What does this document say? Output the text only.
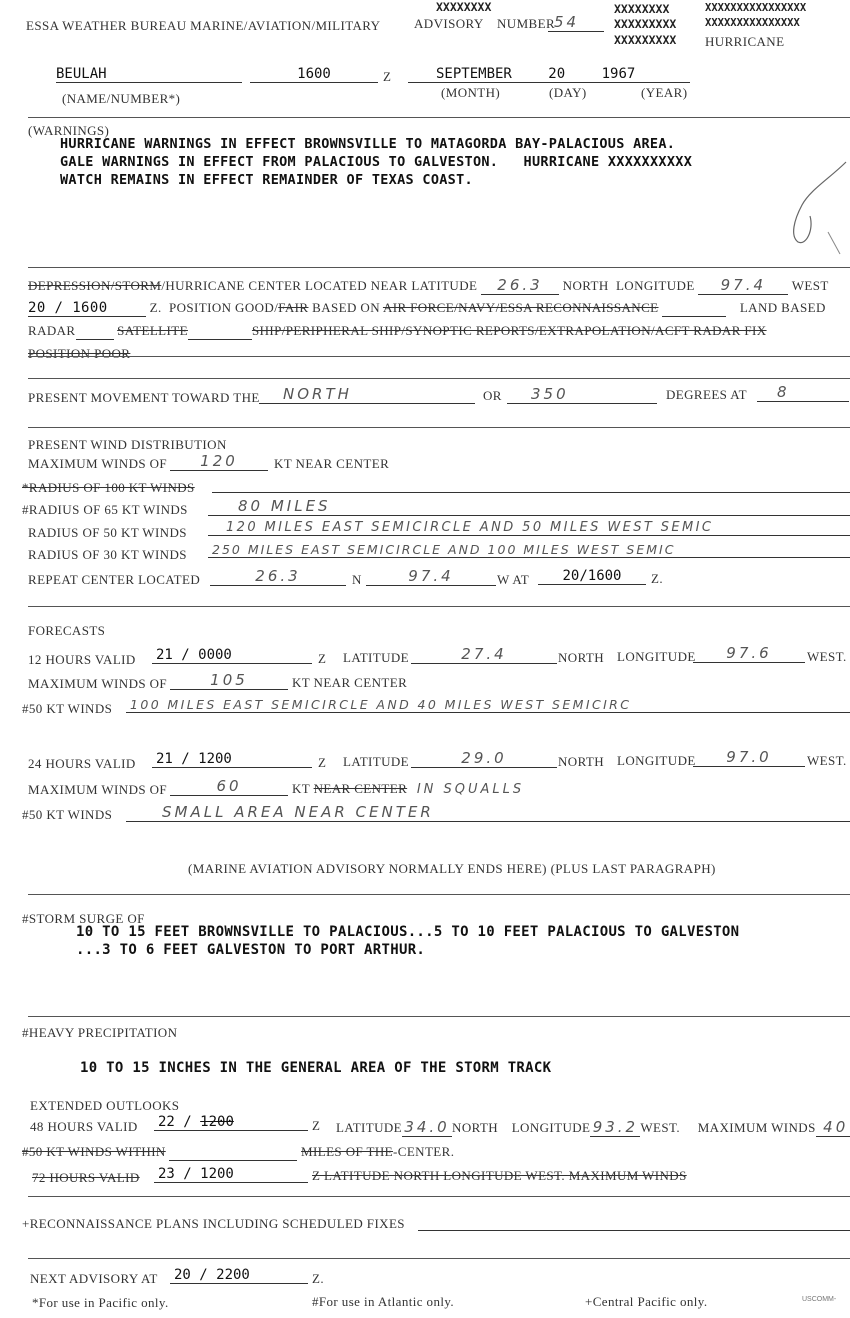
ESSA WEATHER BUREAU MARINE/AVIATION/MILITARY
XXXXXXXX
ADVISORY NUMBER
54
XXXXXXXX
XXXXXXXXX
XXXXXXXXX
XXXXXXXXXXXXXXXX
XXXXXXXXXXXXXXX
HURRICANE
BEULAH	1600	Z	SEPTEMBER	20	1967
(NAME/NUMBER*)	(MONTH)	(DAY)	(YEAR)
(WARNINGS)
HURRICANE WARNINGS IN EFFECT BROWNSVILLE TO MATAGORDA BAY-PALACIOUS AREA.
GALE WARNINGS IN EFFECT FROM PALACIOUS TO GALVESTON. HURRICANE XXXXXXXXXX
WATCH REMAINS IN EFFECT REMAINDER OF TEXAS COAST.
DEPRESSION/STORM/HURRICANE CENTER LOCATED NEAR LATITUDE 26.3 NORTH LONGITUDE 97.4 WEST
20 / 1600	Z. POSITION GOOD/FAIR BASED ON AIR FORCE/NAVY/ESSA RECONNAISSANCE	LAND BASED
RADAR	SATELLITE	SHIP/PERIPHERAL SHIP/SYNOPTIC REPORTS/EXTRAPOLATION/ACFT RADAR FIX
POSITION POOR
PRESENT MOVEMENT TOWARD THE	NORTH	OR	350	DEGREES AT	8
PRESENT WIND DISTRIBUTION
MAXIMUM WINDS OF	120	KT NEAR CENTER
*RADIUS OF 100 KT WINDS
#RADIUS OF 65 KT WINDS	80 MILES
RADIUS OF 50 KT WINDS	120 MILES EAST SEMICIRCLE AND 50 MILES WEST SEMIC
RADIUS OF 30 KT WINDS	250 MILES EAST SEMICIRCLE AND 100 MILES WEST SEMIC
REPEAT CENTER LOCATED	26.3	N	97.4	W AT	20/1600	Z.
FORECASTS
12 HOURS VALID 21 / 0000	Z LATITUDE	27.4	NORTH LONGITUDE	97.6	WEST.
MAXIMUM WINDS OF	105	KT NEAR CENTER
#50 KT WINDS	100 MILES EAST SEMICIRCLE AND 40 MILES WEST SEMICIRC
24 HOURS VALID 21 / 1200	Z LATITUDE	29.0	NORTH LONGITUDE	97.0	WEST.
MAXIMUM WINDS OF	60	KT NEAR CENTER IN SQUALLS
#50 KT WINDS	SMALL AREA NEAR CENTER
(MARINE AVIATION ADVISORY NORMALLY ENDS HERE) (PLUS LAST PARAGRAPH)
#STORM SURGE OF
10 TO 15 FEET BROWNSVILLE TO PALACIOUS...5 TO 10 FEET PALACIOUS TO GALVESTON
...3 TO 6 FEET GALVESTON TO PORT ARTHUR.
#HEAVY PRECIPITATION
10 TO 15 INCHES IN THE GENERAL AREA OF THE STORM TRACK
EXTENDED OUTLOOKS
48 HOURS VALID 22 / 1200	Z LATITUDE 34.0 NORTH LONGITUDE 93.2 WEST. MAXIMUM WINDS 40
#50 KT WINDS WITHIN	MILES OF THE-CENTER.
72 HOURS VALID 23 / 1200	Z LATITUDE NORTH LONGITUDE WEST. MAXIMUM WINDS
+RECONNAISSANCE PLANS INCLUDING SCHEDULED FIXES
NEXT ADVISORY AT 20 / 2200	Z.
*For use in Pacific only.	#For use in Atlantic only.	+Central Pacific only.	USCOMM-
